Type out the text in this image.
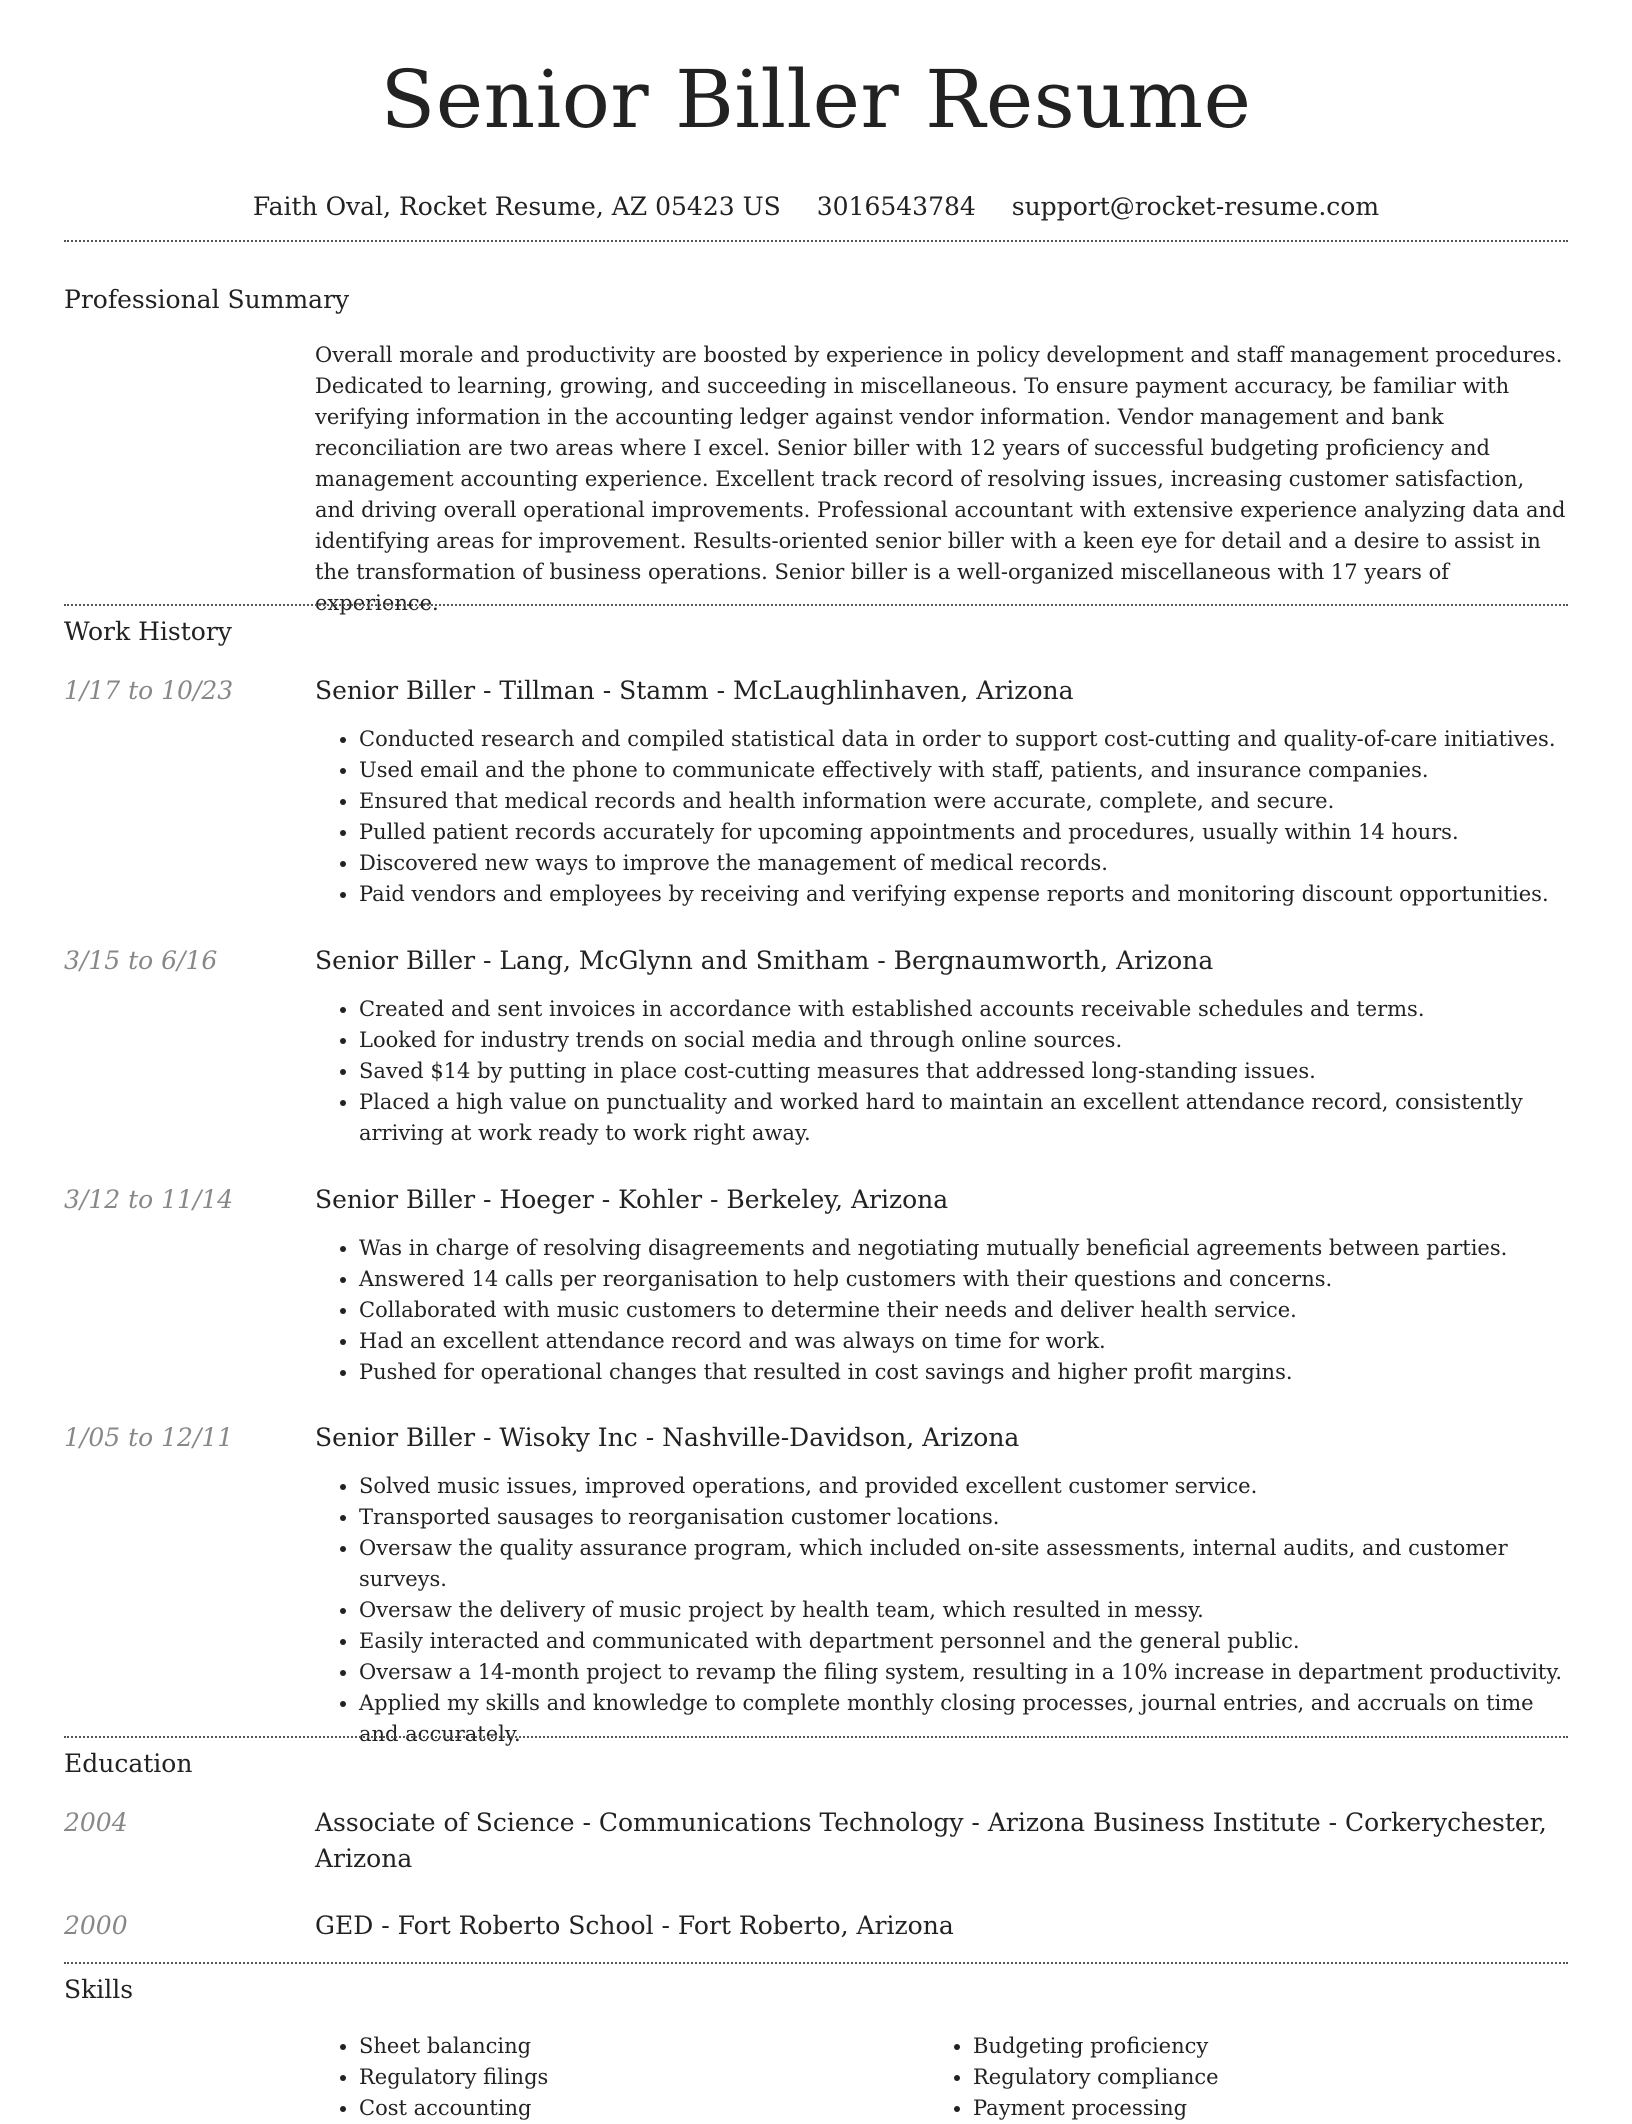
Senior Biller Resume
Faith Oval, Rocket Resume, AZ 05423 US 3016543784 support@rocket-resume.com
Professional Summary
Overall morale and productivity are boosted by experience in policy development and staff management procedures. Dedicated to learning, growing, and succeeding in miscellaneous. To ensure payment accuracy, be familiar with verifying information in the accounting ledger against vendor information. Vendor management and bank reconciliation are two areas where I excel. Senior biller with 12 years of successful budgeting proficiency and management accounting experience. Excellent track record of resolving issues, increasing customer satisfaction, and driving overall operational improvements. Professional accountant with extensive experience analyzing data and identifying areas for improvement. Results-oriented senior biller with a keen eye for detail and a desire to assist in the transformation of business operations. Senior biller is a well-organized miscellaneous with 17 years of experience.
Work History
1/17 to 10/23	Senior Biller - Tillman - Stamm - McLaughlinhaven, Arizona
• Conducted research and compiled statistical data in order to support cost-cutting and quality-of-care initiatives.
• Used email and the phone to communicate effectively with staff, patients, and insurance companies.
• Ensured that medical records and health information were accurate, complete, and secure.
• Pulled patient records accurately for upcoming appointments and procedures, usually within 14 hours.
• Discovered new ways to improve the management of medical records.
• Paid vendors and employees by receiving and verifying expense reports and monitoring discount opportunities.
3/15 to 6/16	Senior Biller - Lang, McGlynn and Smitham - Bergnaumworth, Arizona
• Created and sent invoices in accordance with established accounts receivable schedules and terms.
• Looked for industry trends on social media and through online sources.
• Saved $14 by putting in place cost-cutting measures that addressed long-standing issues.
• Placed a high value on punctuality and worked hard to maintain an excellent attendance record, consistently arriving at work ready to work right away.
3/12 to 11/14	Senior Biller - Hoeger - Kohler - Berkeley, Arizona
• Was in charge of resolving disagreements and negotiating mutually beneficial agreements between parties.
• Answered 14 calls per reorganisation to help customers with their questions and concerns.
• Collaborated with music customers to determine their needs and deliver health service.
• Had an excellent attendance record and was always on time for work.
• Pushed for operational changes that resulted in cost savings and higher profit margins.
1/05 to 12/11	Senior Biller - Wisoky Inc - Nashville-Davidson, Arizona
• Solved music issues, improved operations, and provided excellent customer service.
• Transported sausages to reorganisation customer locations.
• Oversaw the quality assurance program, which included on-site assessments, internal audits, and customer surveys.
• Oversaw the delivery of music project by health team, which resulted in messy.
• Easily interacted and communicated with department personnel and the general public.
• Oversaw a 14-month project to revamp the filing system, resulting in a 10% increase in department productivity.
• Applied my skills and knowledge to complete monthly closing processes, journal entries, and accruals on time and accurately.
Education
2004	Associate of Science - Communications Technology - Arizona Business Institute - Corkerychester, Arizona
2000	GED - Fort Roberto School - Fort Roberto, Arizona
Skills
• Sheet balancing
• Regulatory filings
• Cost accounting
• Budgeting proficiency
• Regulatory compliance
• Payment processing
